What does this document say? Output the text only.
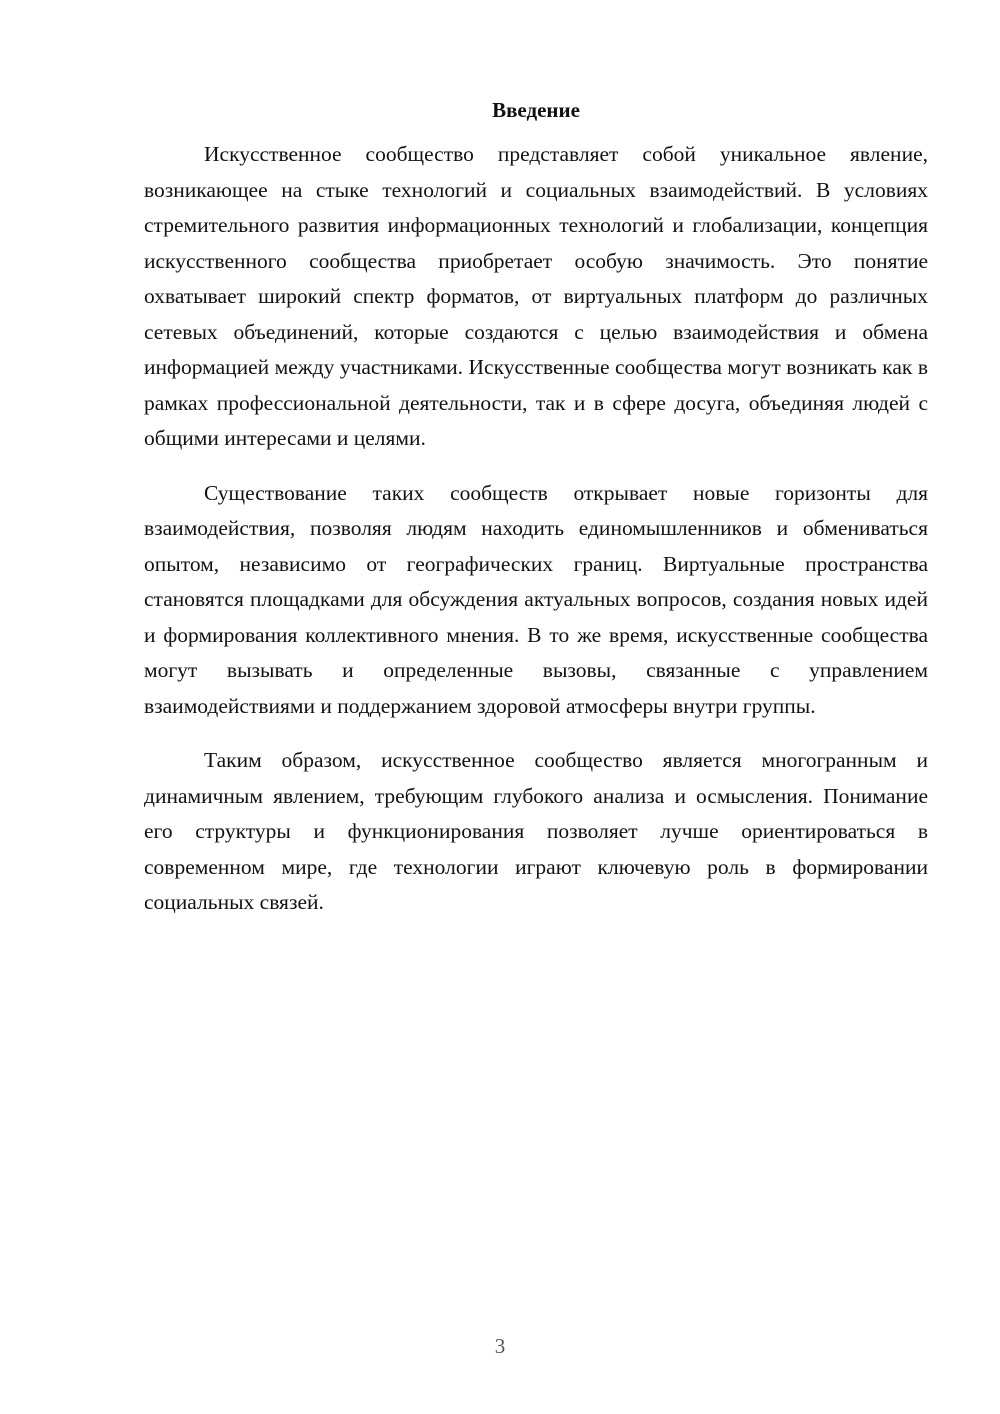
Введение

Искусственное сообщество представляет собой уникальное явление, возникающее на стыке технологий и социальных взаимодействий. В условиях стремительного развития информационных технологий и глобализации, концепция искусственного сообщества приобретает особую значимость. Это понятие охватывает широкий спектр форматов, от виртуальных платформ до различных сетевых объединений, которые создаются с целью взаимодействия и обмена информацией между участниками. Искусственные сообщества могут возникать как в рамках профессиональной деятельности, так и в сфере досуга, объединяя людей с общими интересами и целями.

Существование таких сообществ открывает новые горизонты для взаимодействия, позволяя людям находить единомышленников и обмениваться опытом, независимо от географических границ. Виртуальные пространства становятся площадками для обсуждения актуальных вопросов, создания новых идей и формирования коллективного мнения. В то же время, искусственные сообщества могут вызывать и определенные вызовы, связанные с управлением взаимодействиями и поддержанием здоровой атмосферы внутри группы.

Таким образом, искусственное сообщество является многогранным и динамичным явлением, требующим глубокого анализа и осмысления. Понимание его структуры и функционирования позволяет лучше ориентироваться в современном мире, где технологии играют ключевую роль в формировании социальных связей.

3
